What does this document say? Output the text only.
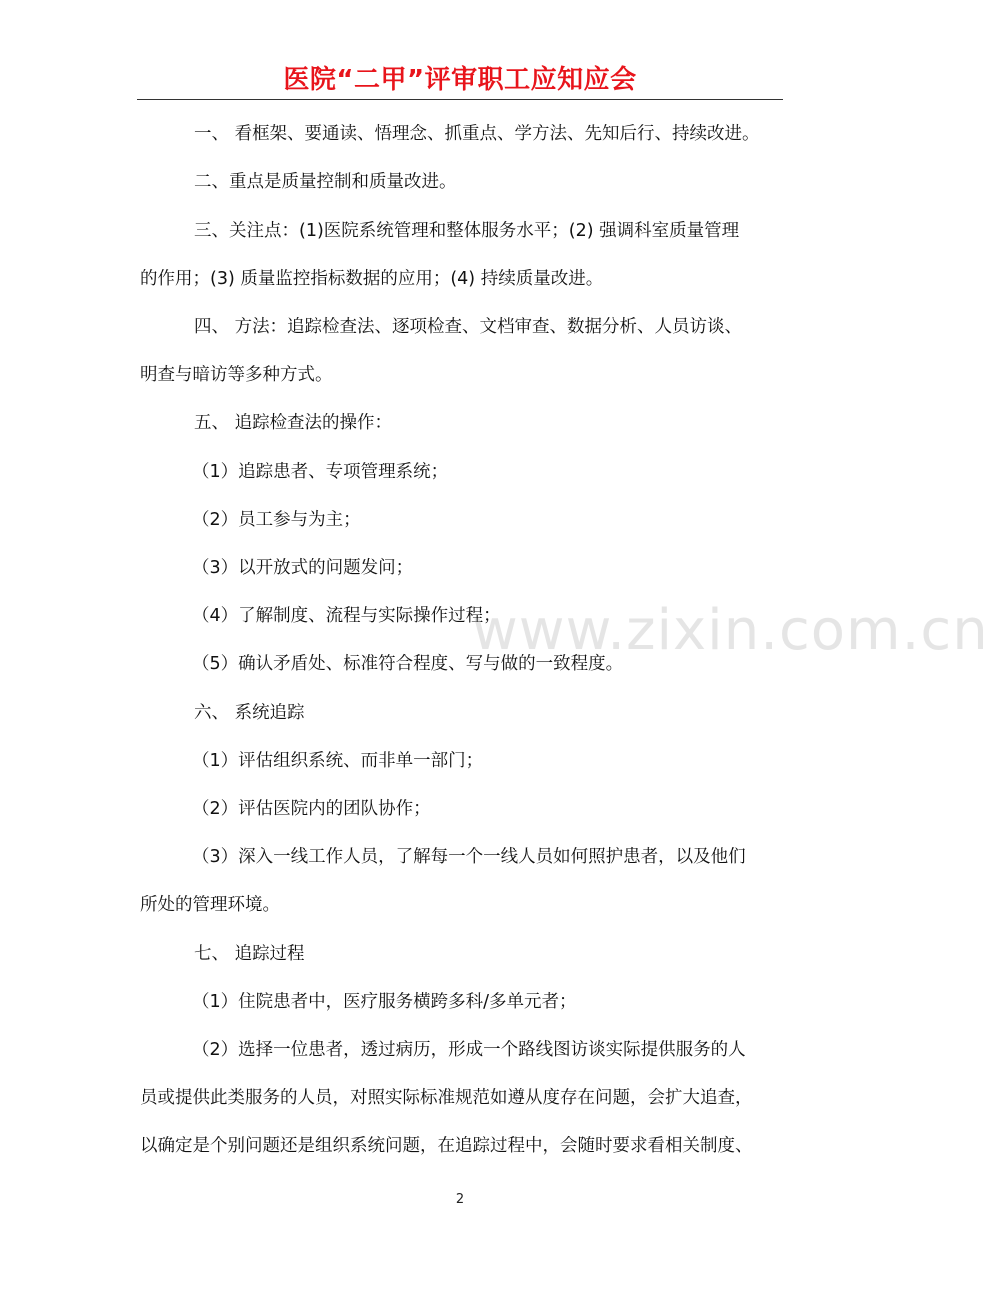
医院“二甲”评审职工应知应会
一、 看框架、要通读、悟理念、抓重点、学方法、先知后行、持续改进。
二、重点是质量控制和质量改进。
三、关注点：(1)医院系统管理和整体服务水平；(2) 强调科室质量管理
的作用；(3) 质量监控指标数据的应用；(4) 持续质量改进。
四、 方法：追踪检查法、逐项检查、文档审查、数据分析、人员访谈、
明查与暗访等多种方式。
五、 追踪检查法的操作：
（1）追踪患者、专项管理系统；
（2）员工参与为主；
（3）以开放式的问题发问；
（4）了解制度、流程与实际操作过程；
（5）确认矛盾处、标准符合程度、写与做的一致程度。
六、 系统追踪
（1）评估组织系统、而非单一部门；
（2）评估医院内的团队协作；
（3）深入一线工作人员，了解每一个一线人员如何照护患者，以及他们
所处的管理环境。
七、 追踪过程
（1）住院患者中，医疗服务横跨多科/多单元者；
（2）选择一位患者，透过病历，形成一个路线图访谈实际提供服务的人
员或提供此类服务的人员，对照实际标准规范如遵从度存在问题，会扩大追查，
以确定是个别问题还是组织系统问题，在追踪过程中，会随时要求看相关制度、
www.zixin.com.cn
2
